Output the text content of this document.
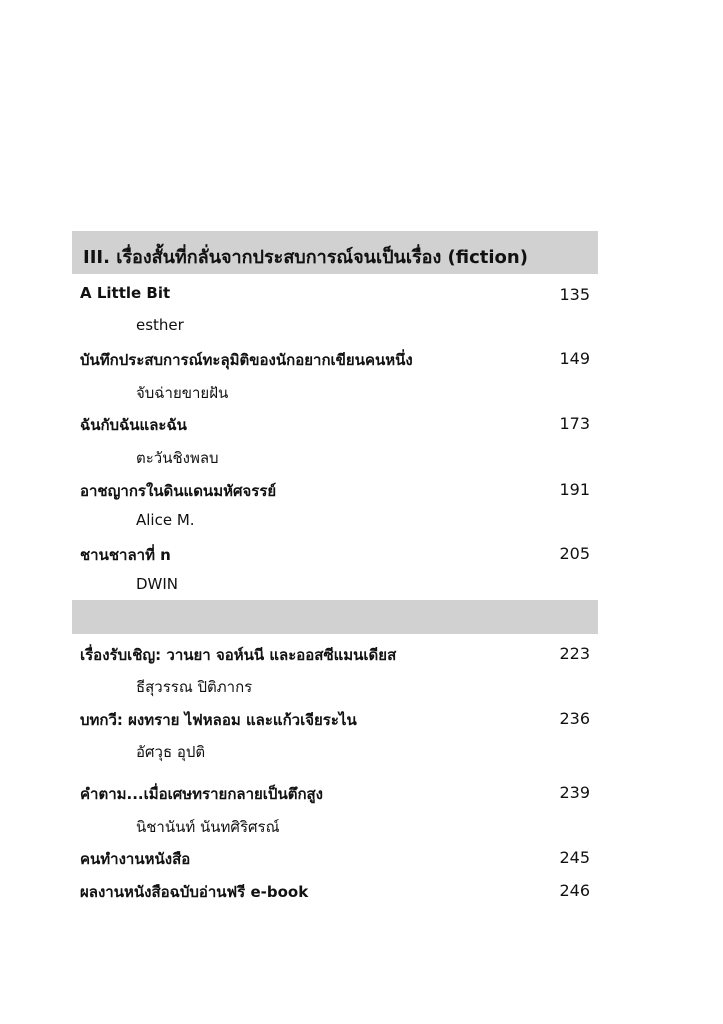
III. เรื่องสั้นที่กลั่นจากประสบการณ์จนเป็นเรื่อง (fiction)
A Little Bit	135
esther
บันทึกประสบการณ์ทะลุมิติของนักอยากเขียนคนหนึ่ง	149
จับฉ่ายขายฝัน
ฉันกับฉันและฉัน	173
ตะวันชิงพลบ
อาชญากรในดินแดนมหัศจรรย์	191
Alice M.
ชานชาลาที่ n	205
DWIN
เรื่องรับเชิญ: วานยา จอห์นนี และออสซีแมนเดียส	223
ธีสุวรรณ ปิติภากร
บทกวี: ผงทราย ไฟหลอม และแก้วเจียระไน	236
อัศวุธ อุปติ
คำตาม...เมื่อเศษทรายกลายเป็นตึกสูง	239
นิชานันท์ นันทศิริศรณ์
คนทำงานหนังสือ	245
ผลงานหนังสือฉบับอ่านฟรี e-book	246
